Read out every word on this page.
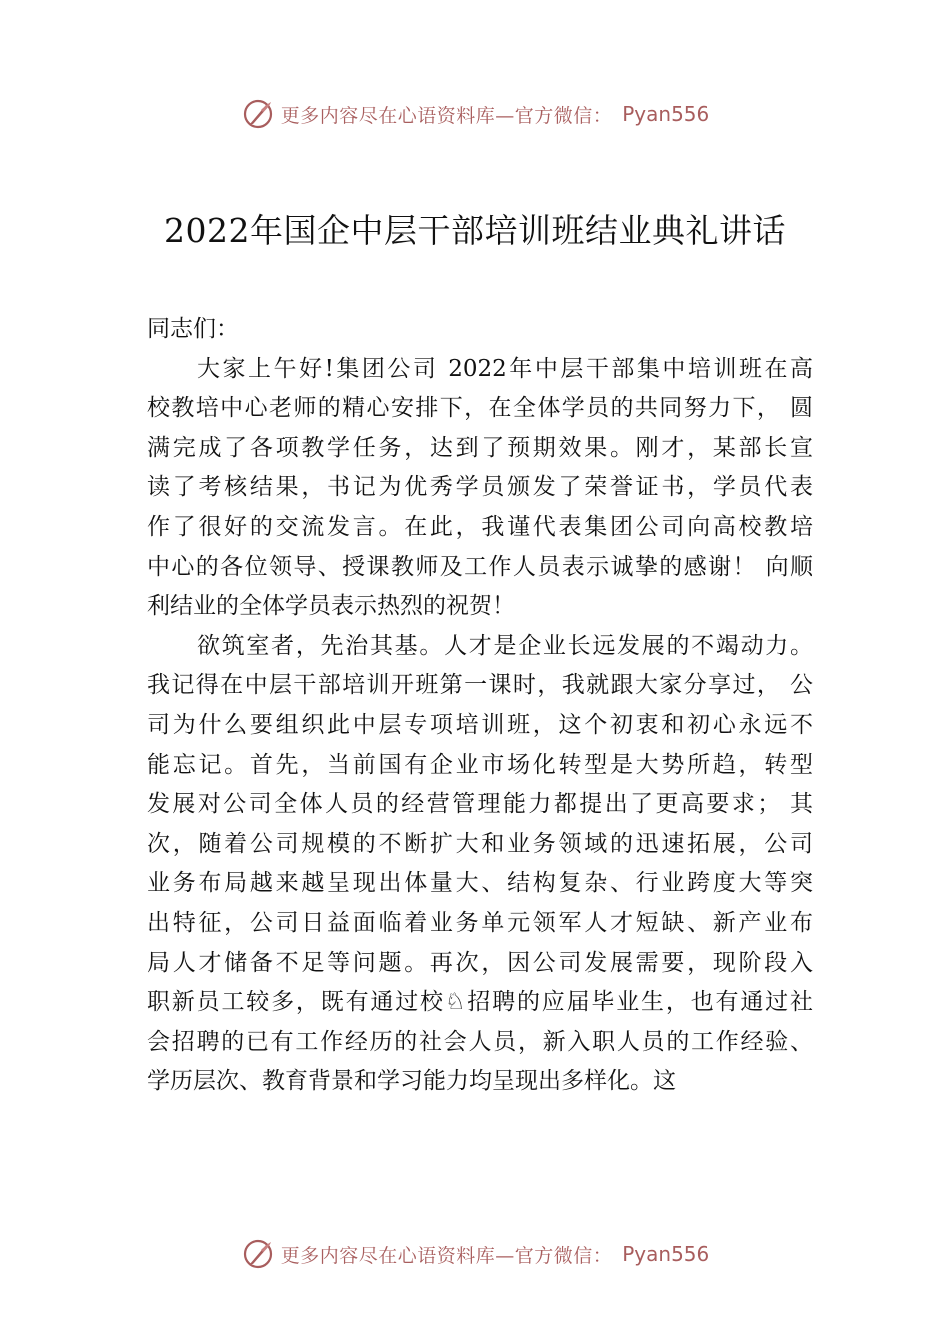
更多内容尽在心语资料库—官方微信： Pyan556
2022年国企中层干部培训班结业典礼讲话
同志们：
大家上午好!集团公司 2022年中层干部集中培训班在高
校教培中心老师的精心安排下，在全体学员的共同努力下， 圆
满完成了各项教学任务，达到了预期效果。刚才，某部长宣
读了考核结果，书记为优秀学员颁发了荣誉证书，学员代表
作了很好的交流发言。在此，我谨代表集团公司向高校教培
中心的各位领导、授课教师及工作人员表示诚挚的感谢！ 向顺
利结业的全体学员表示热烈的祝贺！
欲筑室者，先治其基。人才是企业长远发展的不竭动力。
我记得在中层干部培训开班第一课时，我就跟大家分享过， 公
司为什么要组织此中层专项培训班，这个初衷和初心永远不
能忘记。首先，当前国有企业市场化转型是大势所趋，转型
发展对公司全体人员的经营管理能力都提出了更高要求； 其
次，随着公司规模的不断扩大和业务领域的迅速拓展，公司
业务布局越来越呈现出体量大、结构复杂、行业跨度大等突
出特征，公司日益面临着业务单元领军人才短缺、新产业布
局人才储备不足等问题。再次，因公司发展需要，现阶段入
职新员工较多，既有通过校♘招聘的应届毕业生，也有通过社
会招聘的已有工作经历的社会人员，新入职人员的工作经验、
学历层次、教育背景和学习能力均呈现出多样化。这
更多内容尽在心语资料库—官方微信： Pyan556
